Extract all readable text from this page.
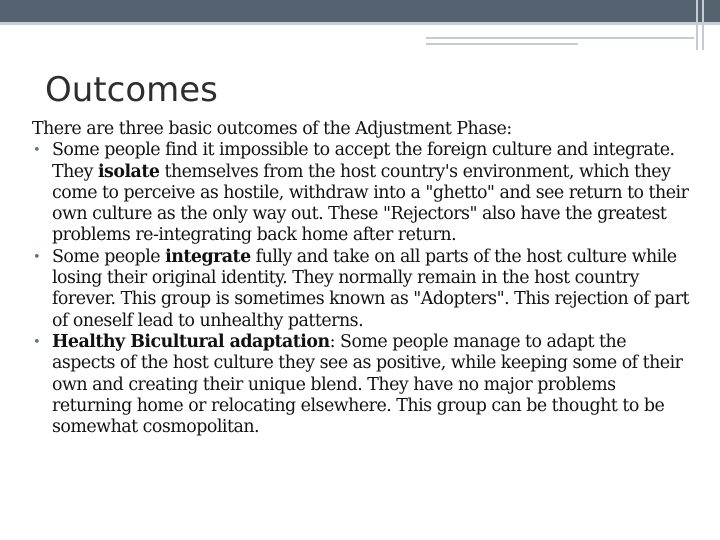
Outcomes

There are three basic outcomes of the Adjustment Phase:

• Some people find it impossible to accept the foreign culture and integrate. They isolate themselves from the host country's environment, which they come to perceive as hostile, withdraw into a "ghetto" and see return to their own culture as the only way out. These "Rejectors" also have the greatest problems re-integrating back home after return.
• Some people integrate fully and take on all parts of the host culture while losing their original identity. They normally remain in the host country forever. This group is sometimes known as "Adopters". This rejection of part of oneself lead to unhealthy patterns.
• Healthy Bicultural adaptation: Some people manage to adapt the aspects of the host culture they see as positive, while keeping some of their own and creating their unique blend. They have no major problems returning home or relocating elsewhere. This group can be thought to be somewhat cosmopolitan.
